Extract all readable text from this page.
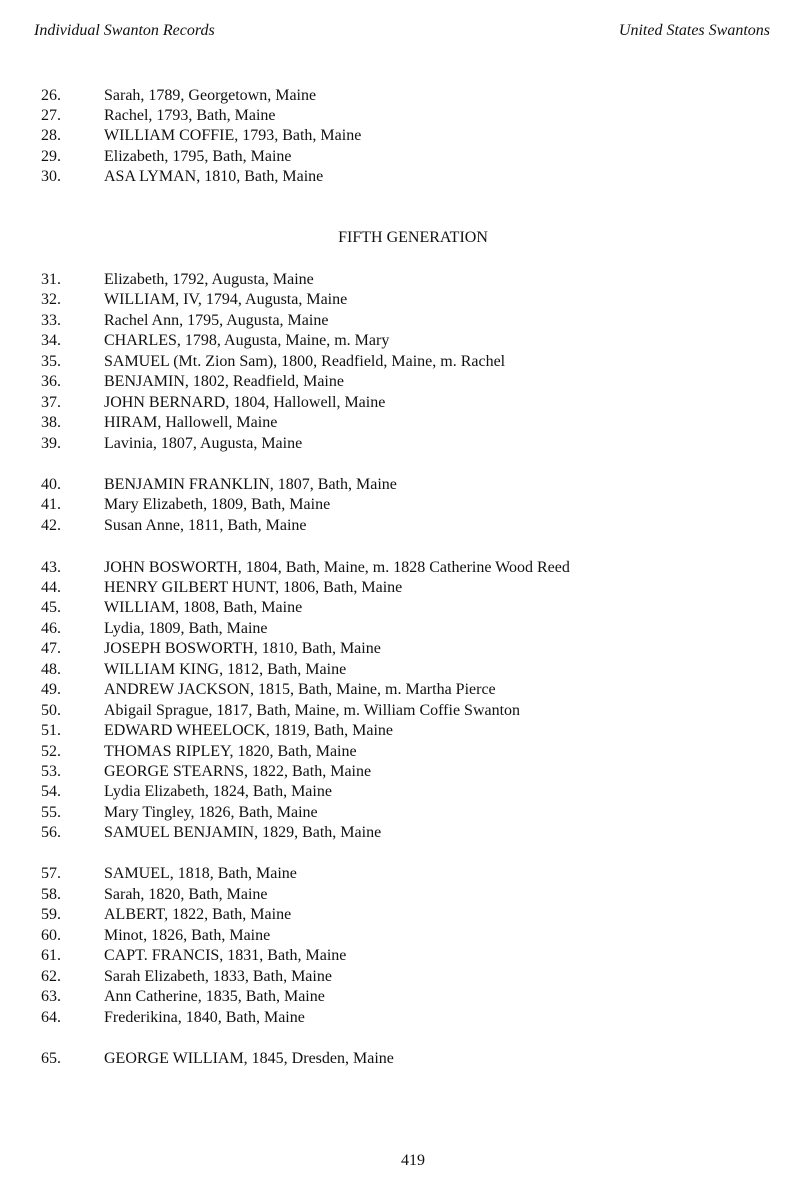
Individual Swanton Records	United States Swantons
26.	Sarah, 1789, Georgetown, Maine
27.	Rachel, 1793, Bath, Maine
28.	WILLIAM COFFIE, 1793, Bath, Maine
29.	Elizabeth, 1795, Bath, Maine
30.	ASA LYMAN, 1810, Bath, Maine
31.	Elizabeth, 1792, Augusta, Maine
32.	WILLIAM, IV, 1794, Augusta, Maine
33.	Rachel Ann, 1795, Augusta, Maine
34.	CHARLES, 1798, Augusta, Maine, m. Mary
35.	SAMUEL (Mt. Zion Sam), 1800, Readfield, Maine, m. Rachel
36.	BENJAMIN, 1802, Readfield, Maine
37.	JOHN BERNARD, 1804, Hallowell, Maine
38.	HIRAM, Hallowell, Maine
39.	Lavinia, 1807, Augusta, Maine
40.	BENJAMIN FRANKLIN, 1807, Bath, Maine
41.	Mary Elizabeth, 1809, Bath, Maine
42.	Susan Anne, 1811, Bath, Maine
43.	JOHN BOSWORTH, 1804, Bath, Maine, m. 1828 Catherine Wood Reed
44.	HENRY GILBERT HUNT, 1806, Bath, Maine
45.	WILLIAM, 1808, Bath, Maine
46.	Lydia, 1809, Bath, Maine
47.	JOSEPH BOSWORTH, 1810, Bath, Maine
48.	WILLIAM KING, 1812, Bath, Maine
49.	ANDREW JACKSON, 1815, Bath, Maine, m. Martha Pierce
50.	Abigail Sprague, 1817, Bath, Maine, m. William Coffie Swanton
51.	EDWARD WHEELOCK, 1819, Bath, Maine
52.	THOMAS RIPLEY, 1820, Bath, Maine
53.	GEORGE STEARNS, 1822, Bath, Maine
54.	Lydia Elizabeth, 1824, Bath, Maine
55.	Mary Tingley, 1826, Bath, Maine
56.	SAMUEL BENJAMIN, 1829, Bath, Maine
57.	SAMUEL, 1818, Bath, Maine
58.	Sarah, 1820, Bath, Maine
59.	ALBERT, 1822, Bath, Maine
60.	Minot, 1826, Bath, Maine
61.	CAPT. FRANCIS, 1831, Bath, Maine
62.	Sarah Elizabeth, 1833, Bath, Maine
63.	Ann Catherine, 1835, Bath, Maine
64.	Frederikina, 1840, Bath, Maine
65.	GEORGE WILLIAM, 1845, Dresden, Maine
FIFTH GENERATION
419
